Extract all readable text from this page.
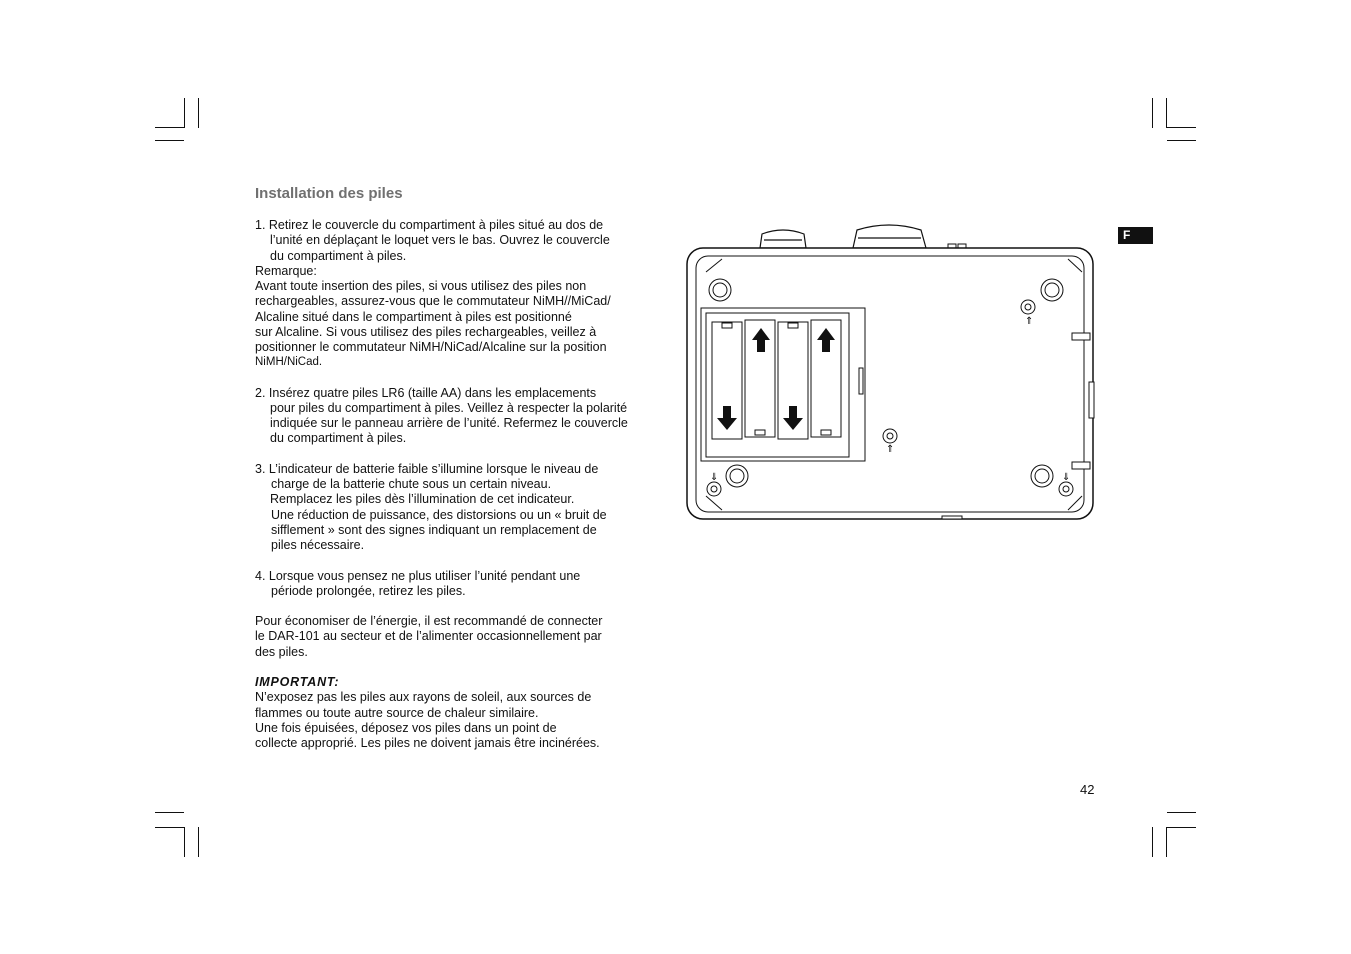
Installation des piles
F
42
1. Retirez le couvercle du compartiment à piles situé au dos de
l’unité en déplaçant le loquet vers le bas. Ouvrez le couvercle
du compartiment à piles.
Remarque:
Avant toute insertion des piles, si vous utilisez des piles non
rechargeables, assurez-vous que le commutateur NiMH//MiCad/
Alcaline situé dans le compartiment à piles est positionné
sur Alcaline. Si vous utilisez des piles rechargeables, veillez à
positionner le commutateur NiMH/NiCad/Alcaline sur la position
NiMH/NiCad.
2. Insérez quatre piles LR6 (taille AA) dans les emplacements
pour piles du compartiment à piles. Veillez à respecter la polarité
indiquée sur le panneau arrière de l’unité. Refermez le couvercle
du compartiment à piles.
3. L’indicateur de batterie faible s’illumine lorsque le niveau de
charge de la batterie chute sous un certain niveau.
Remplacez les piles dès l’illumination de cet indicateur.
Une réduction de puissance, des distorsions ou un « bruit de
sifflement » sont des signes indiquant un remplacement de
piles nécessaire.
4. Lorsque vous pensez ne plus utiliser l’unité pendant une
période prolongée, retirez les piles.
Pour économiser de l’énergie, il est recommandé de connecter
le DAR-101 au secteur et de l’alimenter occasionnellement par
des piles.
IMPORTANT:
N’exposez pas les piles aux rayons de soleil, aux sources de
flammes ou toute autre source de chaleur similaire.
Une fois épuisées, déposez vos piles dans un point de
collecte approprié. Les piles ne doivent jamais être incinérées.
⇑
⇑
⇓	⇓
